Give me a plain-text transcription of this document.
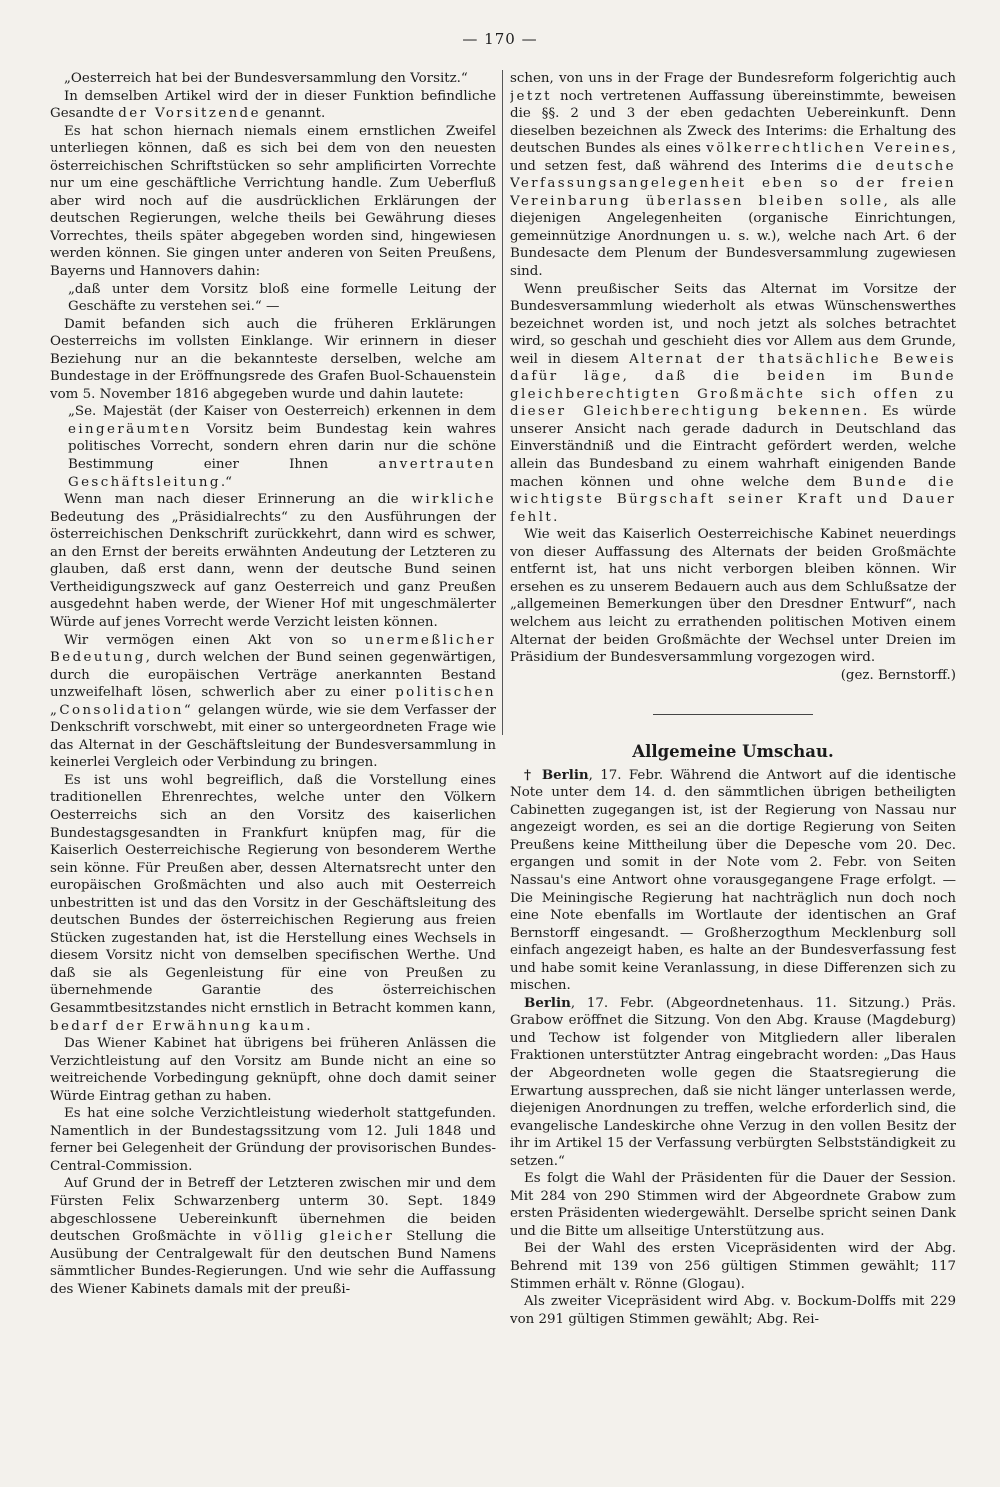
— 170 —

„Oesterreich hat bei der Bundesversammlung den Vorsitz.“

In demselben Artikel wird der in dieser Funktion befindliche Gesandte der Vorsitzende genannt.

Es hat schon hiernach niemals einem ernstlichen Zweifel unterliegen können, daß es sich bei dem von den neuesten österreichischen Schriftstücken so sehr amplificirten Vorrechte nur um eine geschäftliche Verrichtung handle. Zum Ueberfluß aber wird noch auf die ausdrücklichen Erklärungen der deutschen Regierungen, welche theils bei Gewährung dieses Vorrechtes, theils später abgegeben worden sind, hingewiesen werden können. Sie gingen unter anderen von Seiten Preußens, Bayerns und Hannovers dahin:

„daß unter dem Vorsitz bloß eine formelle Leitung der Geschäfte zu verstehen sei.“ —

Damit befanden sich auch die früheren Erklärungen Oesterreichs im vollsten Einklange. Wir erinnern in dieser Beziehung nur an die bekannteste derselben, welche am Bundestage in der Eröffnungsrede des Grafen Buol-Schauenstein vom 5. November 1816 abgegeben wurde und dahin lautete:

„Se. Majestät (der Kaiser von Oesterreich) erkennen in dem eingeräumten Vorsitz beim Bundestag kein wahres politisches Vorrecht, sondern ehren darin nur die schöne Bestimmung einer Ihnen anvertrauten Geschäftsleitung.“

Wenn man nach dieser Erinnerung an die wirkliche Bedeutung des „Präsidialrechts“ zu den Ausführungen der österreichischen Denkschrift zurückkehrt, dann wird es schwer, an den Ernst der bereits erwähnten Andeutung der Letzteren zu glauben, daß erst dann, wenn der deutsche Bund seinen Vertheidigungszweck auf ganz Oesterreich und ganz Preußen ausgedehnt haben werde, der Wiener Hof mit ungeschmälerter Würde auf jenes Vorrecht werde Verzicht leisten können.

Wir vermögen einen Akt von so unermeßlicher Bedeutung, durch welchen der Bund seinen gegenwärtigen, durch die europäischen Verträge anerkannten Bestand unzweifelhaft lösen, schwerlich aber zu einer politischen „Consolidation“ gelangen würde, wie sie dem Verfasser der Denkschrift vorschwebt, mit einer so untergeordneten Frage wie das Alternat in der Geschäftsleitung der Bundesversammlung in keinerlei Vergleich oder Verbindung zu bringen.

Es ist uns wohl begreiflich, daß die Vorstellung eines traditionellen Ehrenrechtes, welche unter den Völkern Oesterreichs sich an den Vorsitz des kaiserlichen Bundestagsgesandten in Frankfurt knüpfen mag, für die Kaiserlich Oesterreichische Regierung von besonderem Werthe sein könne. Für Preußen aber, dessen Alternatsrecht unter den europäischen Großmächten und also auch mit Oesterreich unbestritten ist und das den Vorsitz in der Geschäftsleitung des deutschen Bundes der österreichischen Regierung aus freien Stücken zugestanden hat, ist die Herstellung eines Wechsels in diesem Vorsitz nicht von demselben specifischen Werthe. Und daß sie als Gegenleistung für eine von Preußen zu übernehmende Garantie des österreichischen Gesammtbesitzstandes nicht ernstlich in Betracht kommen kann, bedarf der Erwähnung kaum.

Das Wiener Kabinet hat übrigens bei früheren Anlässen die Verzichtleistung auf den Vorsitz am Bunde nicht an eine so weitreichende Vorbedingung geknüpft, ohne doch damit seiner Würde Eintrag gethan zu haben.

Es hat eine solche Verzichtleistung wiederholt stattgefunden. Namentlich in der Bundestagssitzung vom 12. Juli 1848 und ferner bei Gelegenheit der Gründung der provisorischen Bundes-Central-Commission.

Auf Grund der in Betreff der Letzteren zwischen mir und dem Fürsten Felix Schwarzenberg unterm 30. Sept. 1849 abgeschlossene Uebereinkunft übernehmen die beiden deutschen Großmächte in völlig gleicher Stellung die Ausübung der Centralgewalt für den deutschen Bund Namens sämmtlicher Bundes-Regierungen. Und wie sehr die Auffassung des Wiener Kabinets damals mit der preußi-

schen, von uns in der Frage der Bundesreform folgerichtig auch jetzt noch vertretenen Auffassung übereinstimmte, beweisen die §§. 2 und 3 der eben gedachten Uebereinkunft. Denn dieselben bezeichnen als Zweck des Interims: die Erhaltung des deutschen Bundes als eines völkerrechtlichen Vereines, und setzen fest, daß während des Interims die deutsche Verfassungsangelegenheit eben so der freien Vereinbarung überlassen bleiben solle, als alle diejenigen Angelegenheiten (organische Einrichtungen, gemeinnützige Anordnungen u. s. w.), welche nach Art. 6 der Bundesacte dem Plenum der Bundesversammlung zugewiesen sind.

Wenn preußischer Seits das Alternat im Vorsitze der Bundesversammlung wiederholt als etwas Wünschenswerthes bezeichnet worden ist, und noch jetzt als solches betrachtet wird, so geschah und geschieht dies vor Allem aus dem Grunde, weil in diesem Alternat der thatsächliche Beweis dafür läge, daß die beiden im Bunde gleichberechtigten Großmächte sich offen zu dieser Gleichberechtigung bekennen. Es würde unserer Ansicht nach gerade dadurch in Deutschland das Einverständniß und die Eintracht gefördert werden, welche allein das Bundesband zu einem wahrhaft einigenden Bande machen können und ohne welche dem Bunde die wichtigste Bürgschaft seiner Kraft und Dauer fehlt.

Wie weit das Kaiserlich Oesterreichische Kabinet neuerdings von dieser Auffassung des Alternats der beiden Großmächte entfernt ist, hat uns nicht verborgen bleiben können. Wir ersehen es zu unserem Bedauern auch aus dem Schlußsatze der „allgemeinen Bemerkungen über den Dresdner Entwurf“, nach welchem aus leicht zu errathenden politischen Motiven einem Alternat der beiden Großmächte der Wechsel unter Dreien im Präsidium der Bundesversammlung vorgezogen wird.

(gez. Bernstorff.)

Allgemeine Umschau.

† Berlin, 17. Febr. Während die Antwort auf die identische Note unter dem 14. d. den sämmtlichen übrigen betheiligten Cabinetten zugegangen ist, ist der Regierung von Nassau nur angezeigt worden, es sei an die dortige Regierung von Seiten Preußens keine Mittheilung über die Depesche vom 20. Dec. ergangen und somit in der Note vom 2. Febr. von Seiten Nassau's eine Antwort ohne vorausgegangene Frage erfolgt. — Die Meiningische Regierung hat nachträglich nun doch noch eine Note ebenfalls im Wortlaute der identischen an Graf Bernstorff eingesandt. — Großherzogthum Mecklenburg soll einfach angezeigt haben, es halte an der Bundesverfassung fest und habe somit keine Veranlassung, in diese Differenzen sich zu mischen.

Berlin, 17. Febr. (Abgeordnetenhaus. 11. Sitzung.) Präs. Grabow eröffnet die Sitzung. Von den Abg. Krause (Magdeburg) und Techow ist folgender von Mitgliedern aller liberalen Fraktionen unterstützter Antrag eingebracht worden: „Das Haus der Abgeordneten wolle gegen die Staatsregierung die Erwartung aussprechen, daß sie nicht länger unterlassen werde, diejenigen Anordnungen zu treffen, welche erforderlich sind, die evangelische Landeskirche ohne Verzug in den vollen Besitz der ihr im Artikel 15 der Verfassung verbürgten Selbstständigkeit zu setzen.“

Es folgt die Wahl der Präsidenten für die Dauer der Session. Mit 284 von 290 Stimmen wird der Abgeordnete Grabow zum ersten Präsidenten wiedergewählt. Derselbe spricht seinen Dank und die Bitte um allseitige Unterstützung aus.

Bei der Wahl des ersten Vicepräsidenten wird der Abg. Behrend mit 139 von 256 gültigen Stimmen gewählt; 117 Stimmen erhält v. Rönne (Glogau).

Als zweiter Vicepräsident wird Abg. v. Bockum-Dolffs mit 229 von 291 gültigen Stimmen gewählt; Abg. Rei-
